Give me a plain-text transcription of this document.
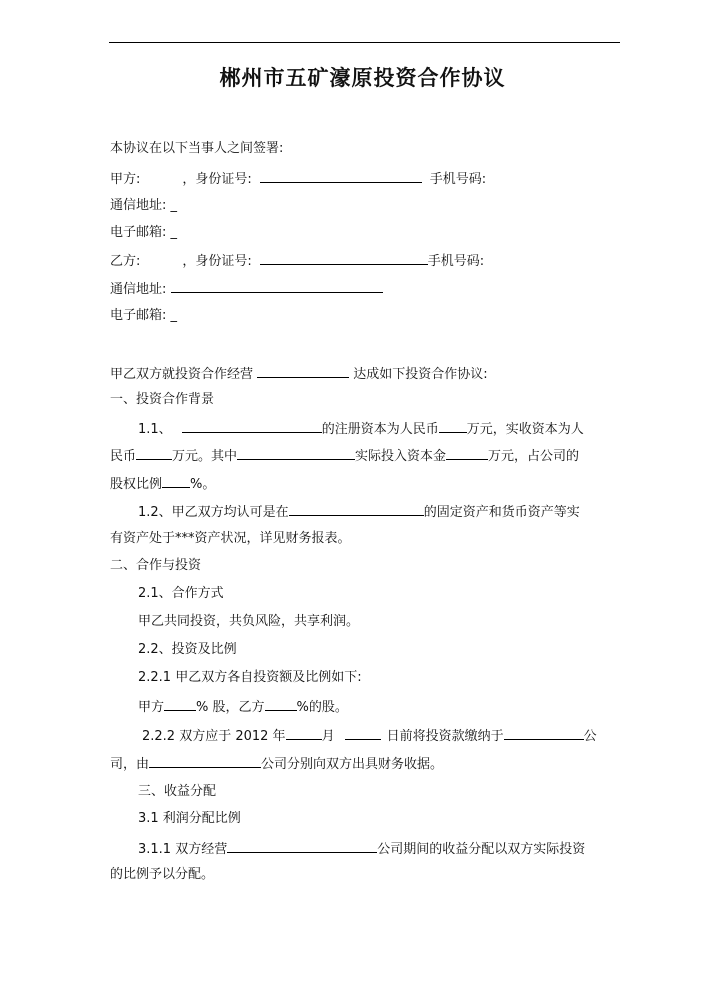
郴州市五矿濠原投资合作协议
本协议在以下当事人之间签署:
甲方:	，身份证号:	手机号码:
通信地址: _
电子邮箱: _
乙方:	，身份证号:	手机号码:
通信地址:
电子邮箱: _
甲乙双方就投资合作经营	达成如下投资合作协议:
一、投资合作背景
1.1、	的注册资本为人民币 万元，实收资本为人
民币	万元。其中	实际投入资本金	万元，占公司的
股权比例 %。
1.2、甲乙双方均认可是在	的固定资产和货币资产等实
有资产处于***资产状况，详见财务报表。
二、合作与投资
2.1、合作方式
甲乙共同投资，共负风险，共享利润。
2.2、投资及比例
2.2.1 甲乙双方各自投资额及比例如下:
甲方 % 股，乙方 %的股。
2.2.2 双方应于 2012 年	月	日前将投资款缴纳于	公
司，由	公司分别向双方出具财务收据。
三、收益分配
3.1 利润分配比例
3.1.1 双方经营	公司期间的收益分配以双方实际投资
的比例予以分配。
